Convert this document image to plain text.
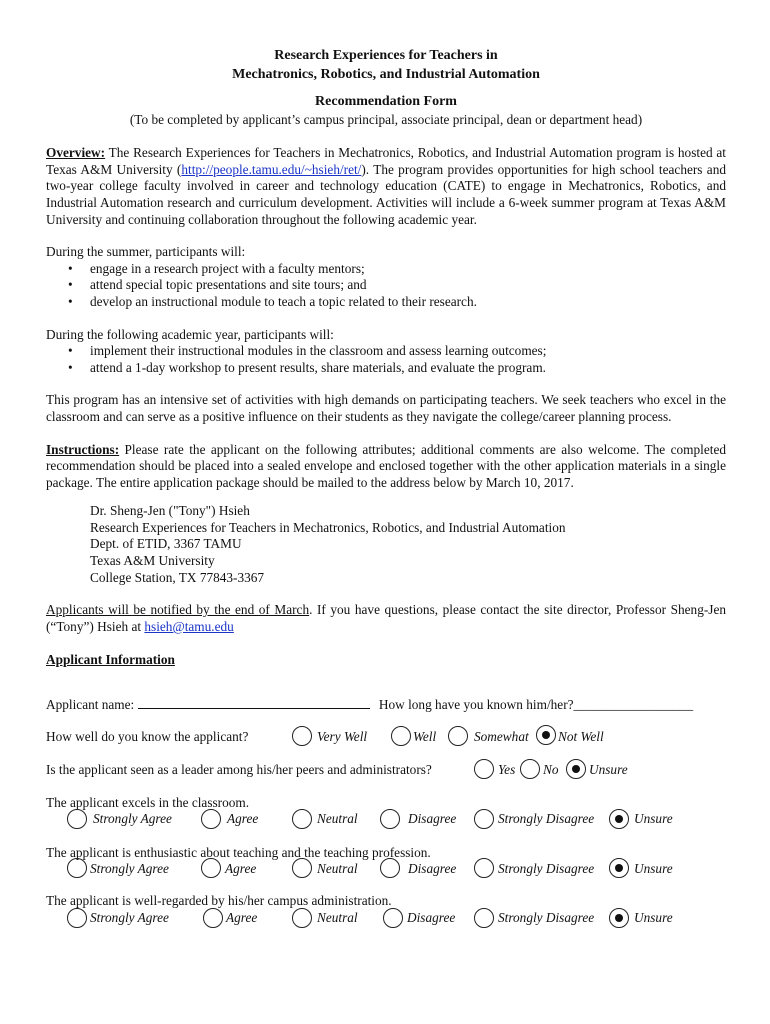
Research Experiences for Teachers in
Mechatronics, Robotics, and Industrial Automation
Recommendation Form
(To be completed by applicant’s campus principal, associate principal, dean or department head)

Overview: The Research Experiences for Teachers in Mechatronics, Robotics, and Industrial Automation program is hosted at Texas A&M University (http://people.tamu.edu/~hsieh/ret/). The program provides opportunities for high school teachers and two-year college faculty involved in career and technology education (CATE) to engage in Mechatronics, Robotics, and Industrial Automation research and curriculum development. Activities will include a 6-week summer program at Texas A&M University and continuing collaboration throughout the following academic year.

During the summer, participants will:
• engage in a research project with a faculty mentors;
• attend special topic presentations and site tours; and
• develop an instructional module to teach a topic related to their research.
During the following academic year, participants will:
• implement their instructional modules in the classroom and assess learning outcomes;
• attend a 1-day workshop to present results, share materials, and evaluate the program.

This program has an intensive set of activities with high demands on participating teachers. We seek teachers who excel in the classroom and can serve as a positive influence on their students as they navigate the college/career planning process.

Instructions: Please rate the applicant on the following attributes; additional comments are also welcome. The completed recommendation should be placed into a sealed envelope and enclosed together with the other application materials in a single package. The entire application package should be mailed to the address below by March 10, 2017.

Dr. Sheng-Jen ("Tony") Hsieh
Research Experiences for Teachers in Mechatronics, Robotics, and Industrial Automation
Dept. of ETID, 3367 TAMU
Texas A&M University
College Station, TX 77843-3367

Applicants will be notified by the end of March. If you have questions, please contact the site director, Professor Sheng-Jen (“Tony”) Hsieh at hsieh@tamu.edu

Applicant Information
Applicant name:	How long have you known him/her?__________________
How well do you know the applicant?	Very Well	Well	Somewhat Not Well
Is the applicant seen as a leader among his/her peers and administrators?	Yes No Unsure
The applicant excels in the classroom.
Strongly Agree	Agree	Neutral	Disagree	Strongly Disagree	Unsure
The applicant is enthusiastic about teaching and the teaching profession.
Strongly Agree	Agree	Neutral	Disagree	Strongly Disagree	Unsure
The applicant is well-regarded by his/her campus administration.
Strongly Agree	Agree	Neutral	Disagree	Strongly Disagree	Unsure
